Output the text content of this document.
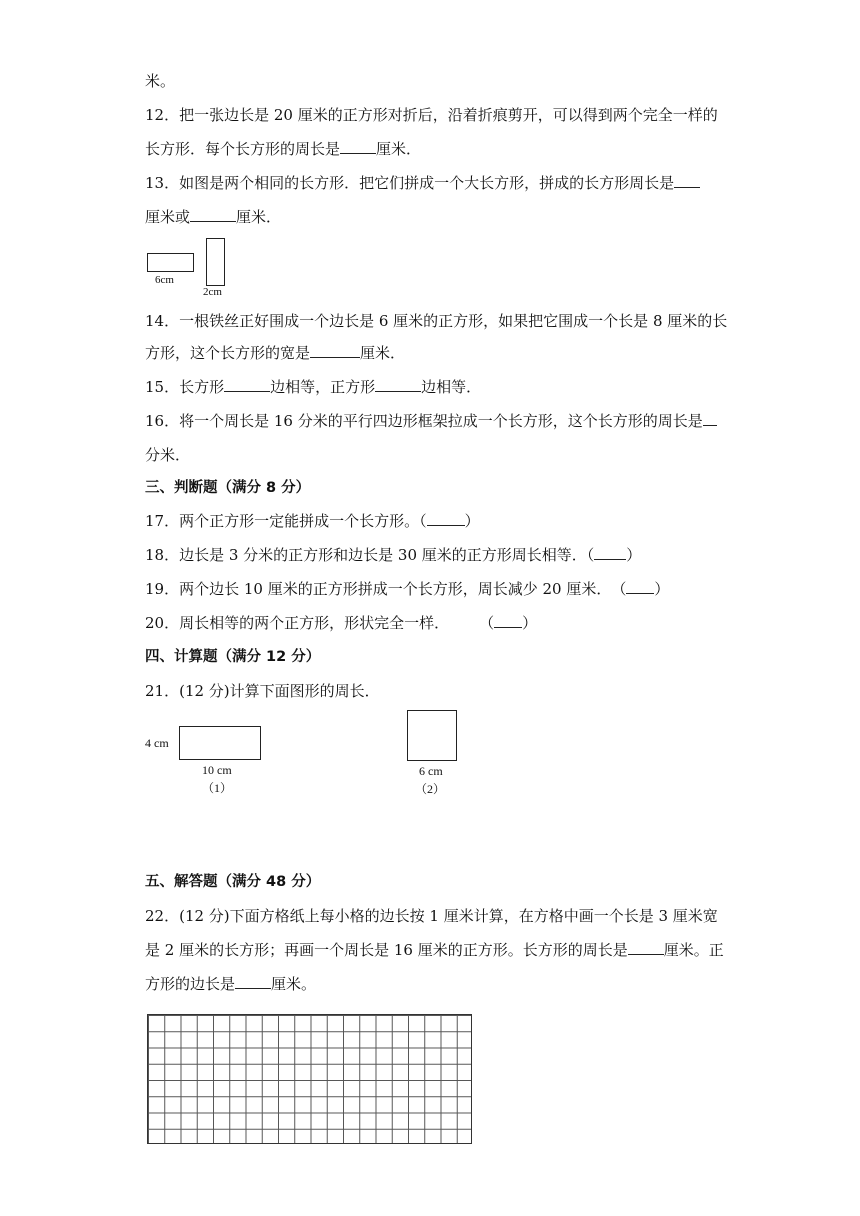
米。
12．把一张边长是 20 厘米的正方形对折后，沿着折痕剪开，可以得到两个完全一样的
长方形．每个长方形的周长是 厘米．
13．如图是两个相同的长方形．把它们拼成一个大长方形，拼成的长方形周长是
厘米或	厘米．
6cm
2cm
14．一根铁丝正好围成一个边长是 6 厘米的正方形，如果把它围成一个长是 8 厘米的长
方形，这个长方形的宽是	厘米．
15．长方形	边相等，正方形	边相等．
16．将一个周长是 16 分米的平行四边形框架拉成一个长方形，这个长方形的周长是
分米．
三、判断题（满分 8 分）
17．两个正方形一定能拼成一个长方形。（	）
18．边长是 3 分米的正方形和边长是 30 厘米的正方形周长相等．（ ）
19．两个边长 10 厘米的正方形拼成一个长方形，周长减少 20 厘米．　（ ）
20．周长相等的两个正方形，形状完全一样．　　　（ ）
四、计算题（满分 12 分）
21．(12 分)计算下面图形的周长．
4 cm
10 cm
（1）
6 cm
（2）
五、解答题（满分 48 分）
22．(12 分)下面方格纸上每小格的边长按 1 厘米计算，在方格中画一个长是 3 厘米宽
是 2 厘米的长方形；再画一个周长是 16 厘米的正方形。长方形的周长是 厘米。正
方形的边长是 厘米。
